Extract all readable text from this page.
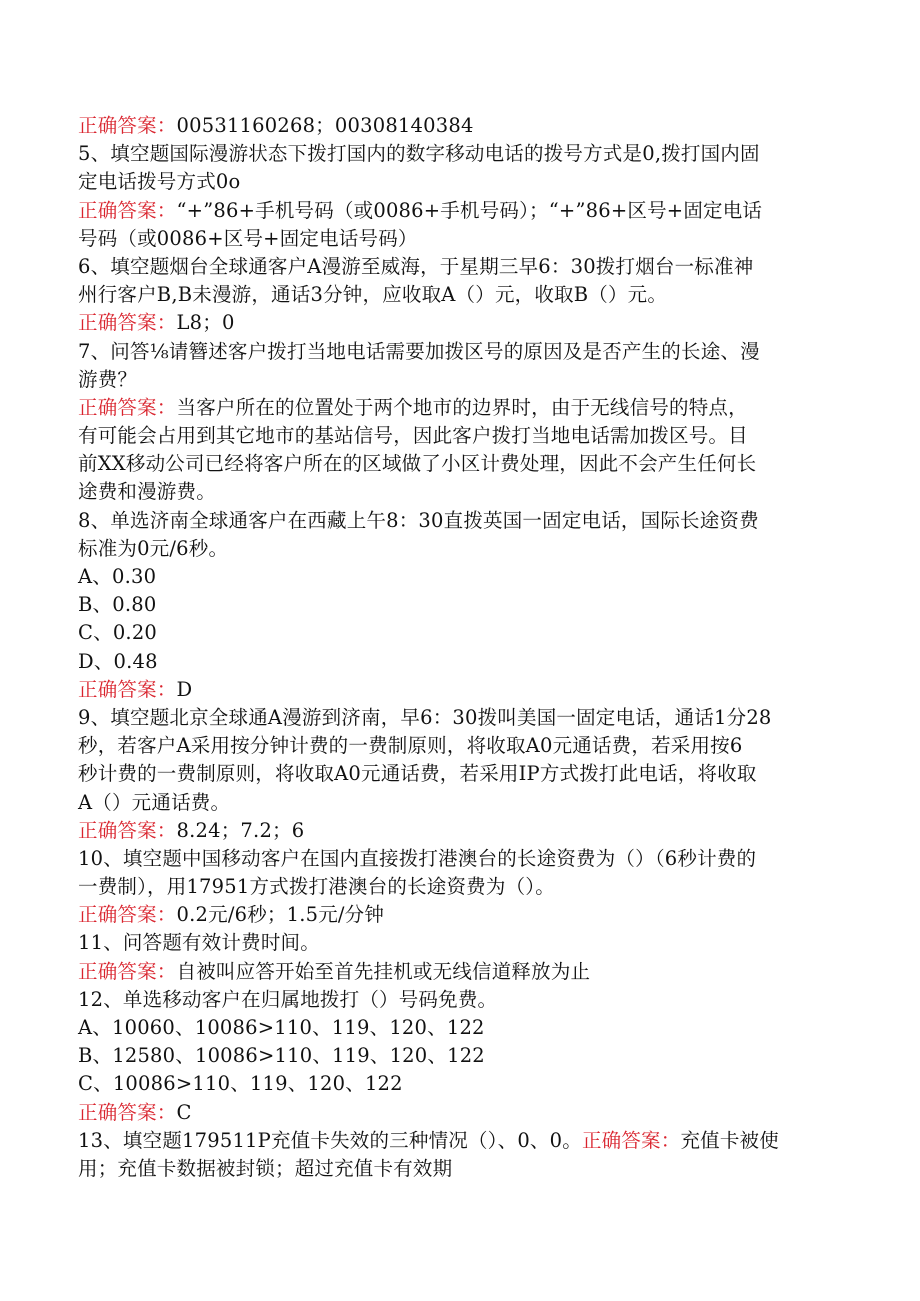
正确答案：00531160268；00308140384
5、填空题国际漫游状态下拨打国内的数字移动电话的拨号方式是0,拨打国内固
定电话拨号方式0o
正确答案：“+”86+手机号码（或0086+手机号码）；“+”86+区号+固定电话
号码（或0086+区号+固定电话号码）
6、填空题烟台全球通客户A漫游至威海，于星期三早6：30拨打烟台一标准神
州行客户B,B未漫游，通话3分钟，应收取A（）元，收取B（）元。
正确答案：L8；0
7、问答⅛请簪述客户拨打当地电话需要加拨区号的原因及是否产生的长途、漫
游费？
正确答案：当客户所在的位置处于两个地市的边界时，由于无线信号的特点，
有可能会占用到其它地市的基站信号，因此客户拨打当地电话需加拨区号。目
前XX移动公司已经将客户所在的区域做了小区计费处理，因此不会产生任何长
途费和漫游费。
8、单选济南全球通客户在西藏上午8：30直拨英国一固定电话，国际长途资费
标准为0元/6秒。
A、0.30
B、0.80
C、0.20
D、0.48
正确答案：D
9、填空题北京全球通A漫游到济南，早6：30拨叫美国一固定电话，通话1分28
秒，若客户A采用按分钟计费的一费制原则，将收取A0元通话费，若采用按6
秒计费的一费制原则，将收取A0元通话费，若采用IP方式拨打此电话，将收取
A（）元通话费。
正确答案：8.24；7.2；6
10、填空题中国移动客户在国内直接拨打港澳台的长途资费为（）（6秒计费的
一费制），用17951方式拨打港澳台的长途资费为（）。
正确答案：0.2元/6秒；1.5元/分钟
11、问答题有效计费时间。
正确答案：自被叫应答开始至首先挂机或无线信道释放为止
12、单选移动客户在归属地拨打（）号码免费。
A、10060、10086>110、119、120、122
B、12580、10086>110、119、120、122
C、10086>110、119、120、122
正确答案：C
13、填空题179511P充值卡失效的三种情况（）、0、0。正确答案：充值卡被使
用；充值卡数据被封锁；超过充值卡有效期
